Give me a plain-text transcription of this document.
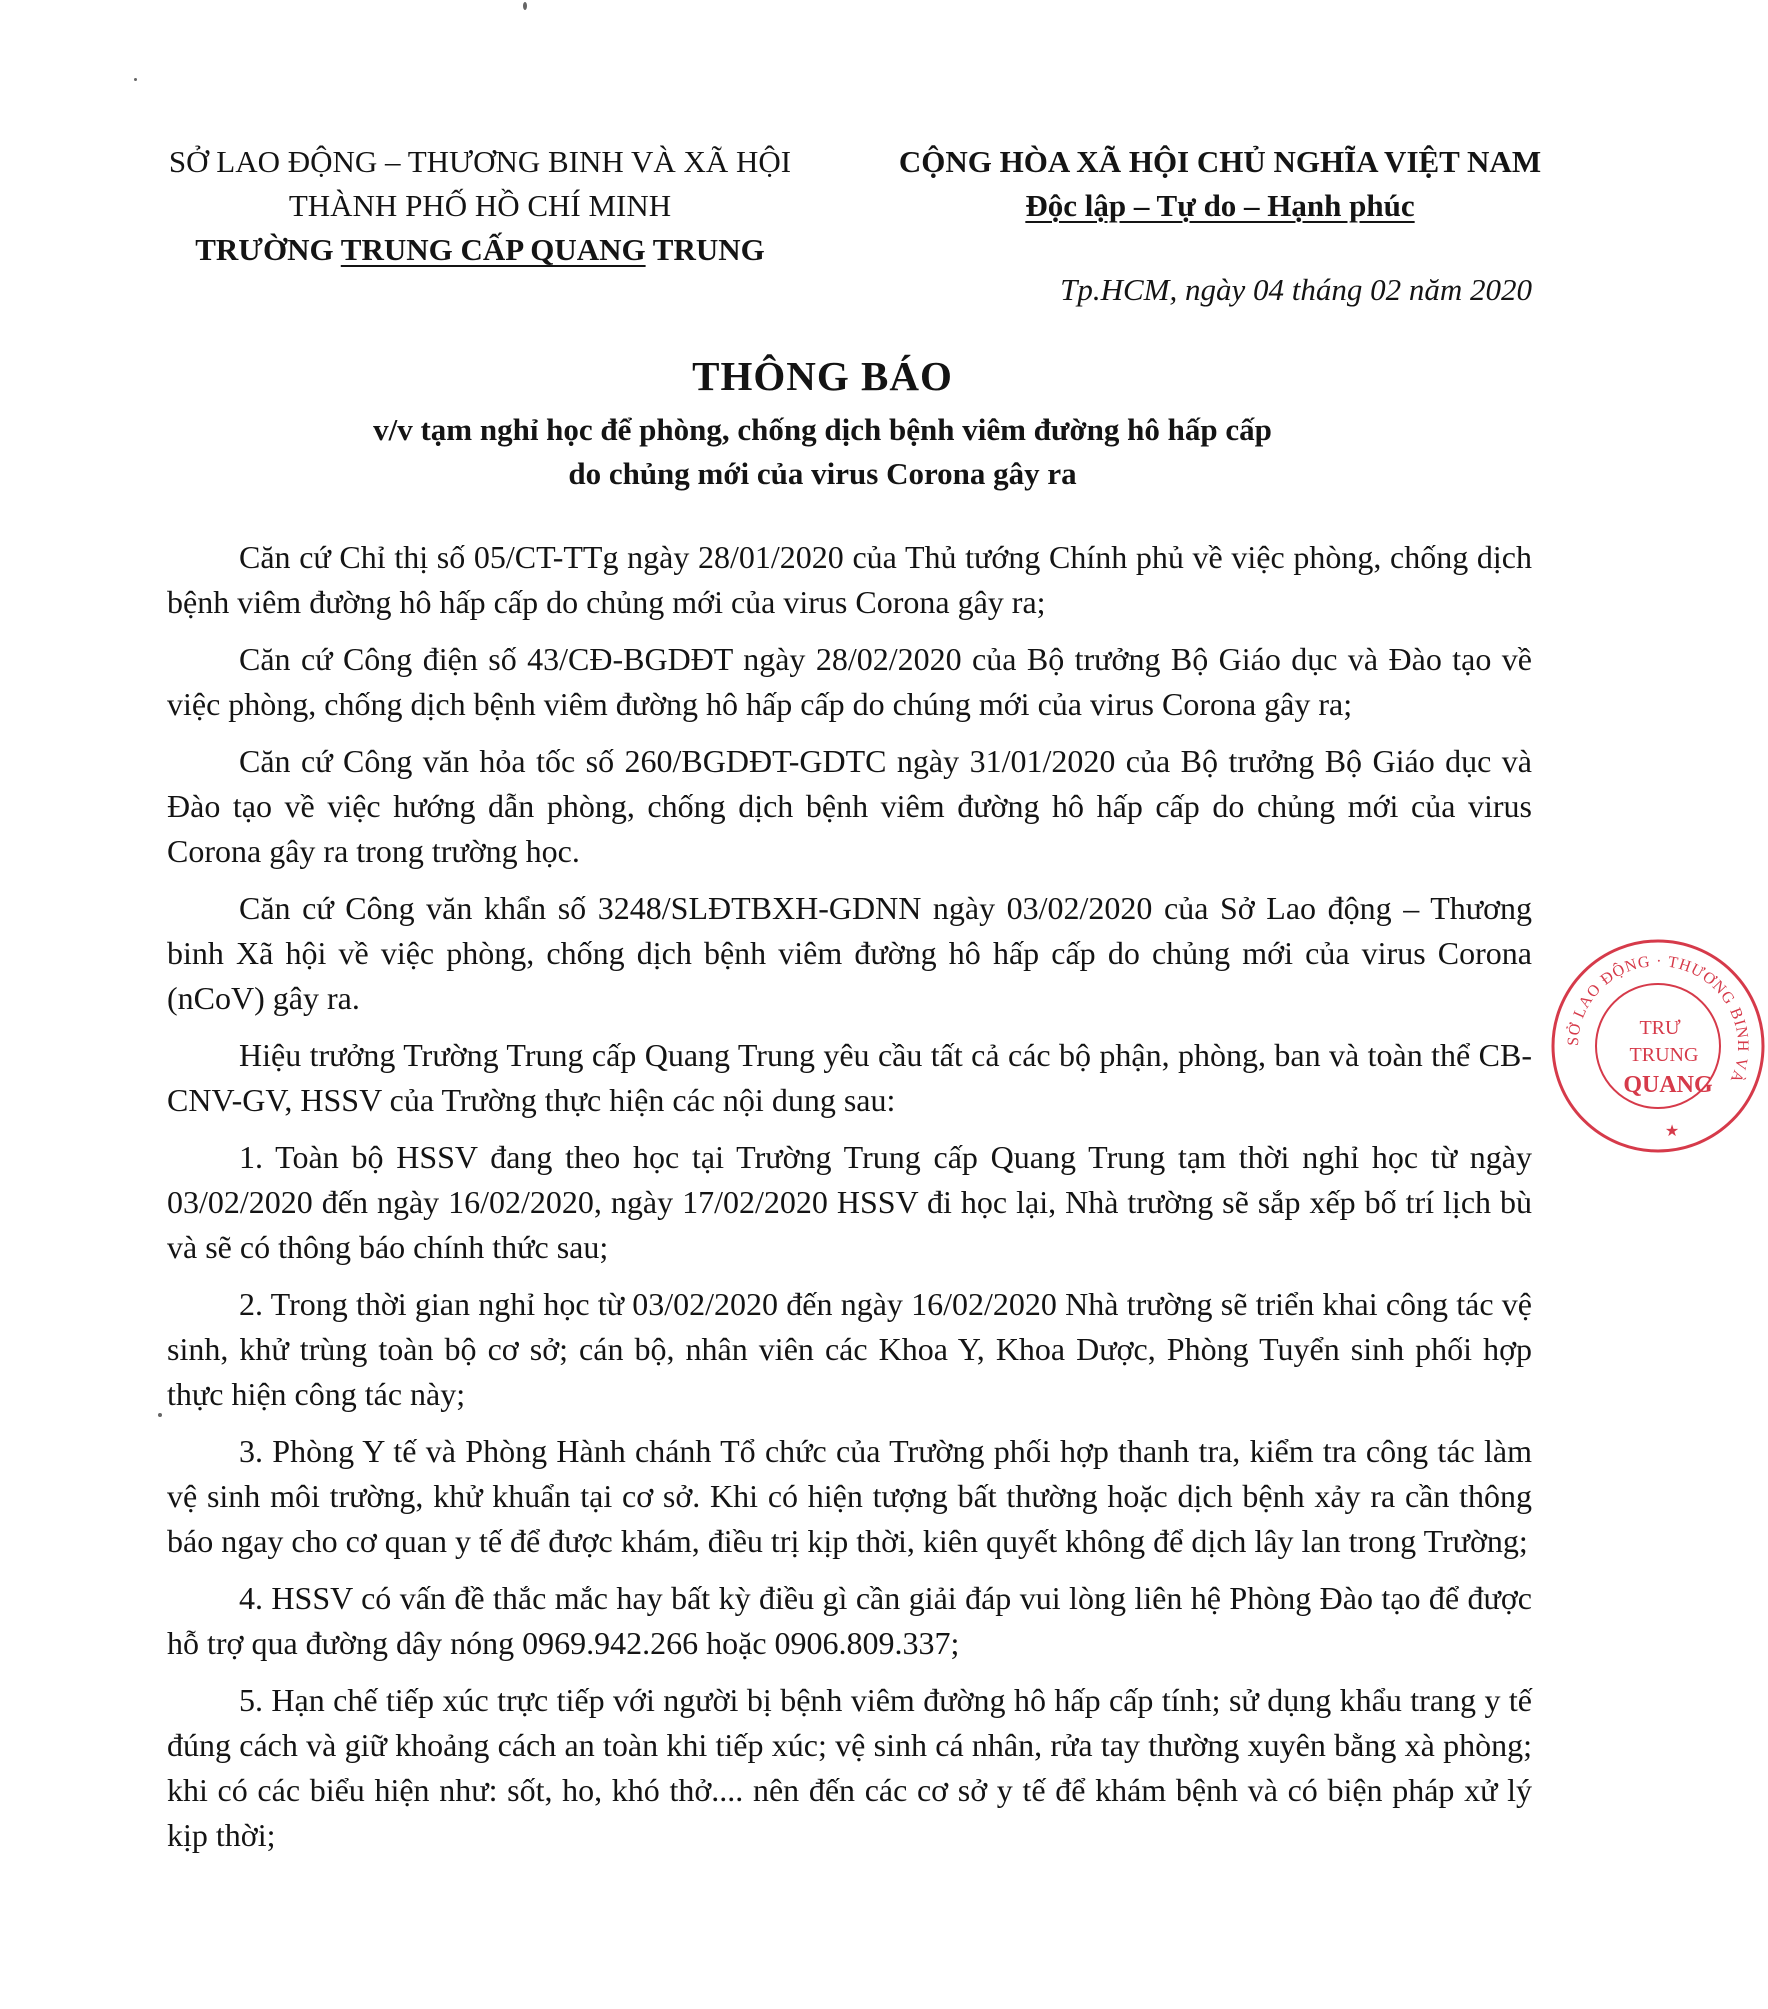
SỞ LAO ĐỘNG – THƯƠNG BINH VÀ XÃ HỘI
THÀNH PHỐ HỒ CHÍ MINH
TRƯỜNG TRUNG CẤP QUANG TRUNG
CỘNG HÒA XÃ HỘI CHỦ NGHĨA VIỆT NAM
Độc lập – Tự do – Hạnh phúc
Tp.HCM, ngày 04 tháng 02 năm 2020
THÔNG BÁO
v/v tạm nghỉ học để phòng, chống dịch bệnh viêm đường hô hấp cấp
do chủng mới của virus Corona gây ra

Căn cứ Chỉ thị số 05/CT-TTg ngày 28/01/2020 của Thủ tướng Chính phủ về việc phòng, chống dịch bệnh viêm đường hô hấp cấp do chủng mới của virus Corona gây ra;

Căn cứ Công điện số 43/CĐ-BGDĐT ngày 28/02/2020 của Bộ trưởng Bộ Giáo dục và Đào tạo về việc phòng, chống dịch bệnh viêm đường hô hấp cấp do chúng mới của virus Corona gây ra;

Căn cứ Công văn hỏa tốc số 260/BGDĐT-GDTC ngày 31/01/2020 của Bộ trưởng Bộ Giáo dục và Đào tạo về việc hướng dẫn phòng, chống dịch bệnh viêm đường hô hấp cấp do chủng mới của virus Corona gây ra trong trường học.

Căn cứ Công văn khẩn số 3248/SLĐTBXH-GDNN ngày 03/02/2020 của Sở Lao động – Thương binh Xã hội về việc phòng, chống dịch bệnh viêm đường hô hấp cấp do chủng mới của virus Corona (nCoV) gây ra.

Hiệu trưởng Trường Trung cấp Quang Trung yêu cầu tất cả các bộ phận, phòng, ban và toàn thể CB-CNV-GV, HSSV của Trường thực hiện các nội dung sau:

1. Toàn bộ HSSV đang theo học tại Trường Trung cấp Quang Trung tạm thời nghỉ học từ ngày 03/02/2020 đến ngày 16/02/2020, ngày 17/02/2020 HSSV đi học lại, Nhà trường sẽ sắp xếp bố trí lịch bù và sẽ có thông báo chính thức sau;

2. Trong thời gian nghỉ học từ 03/02/2020 đến ngày 16/02/2020 Nhà trường sẽ triển khai công tác vệ sinh, khử trùng toàn bộ cơ sở; cán bộ, nhân viên các Khoa Y, Khoa Dược, Phòng Tuyển sinh phối hợp thực hiện công tác này;

3. Phòng Y tế và Phòng Hành chánh Tổ chức của Trường phối hợp thanh tra, kiểm tra công tác làm vệ sinh môi trường, khử khuẩn tại cơ sở. Khi có hiện tượng bất thường hoặc dịch bệnh xảy ra cần thông báo ngay cho cơ quan y tế để được khám, điều trị kịp thời, kiên quyết không để dịch lây lan trong Trường;

4. HSSV có vấn đề thắc mắc hay bất kỳ điều gì cần giải đáp vui lòng liên hệ Phòng Đào tạo để được hỗ trợ qua đường dây nóng 0969.942.266 hoặc 0906.809.337;

5. Hạn chế tiếp xúc trực tiếp với người bị bệnh viêm đường hô hấp cấp tính; sử dụng khẩu trang y tế đúng cách và giữ khoảng cách an toàn khi tiếp xúc; vệ sinh cá nhân, rửa tay thường xuyên bằng xà phòng; khi có các biểu hiện như: sốt, ho, khó thở.... nên đến các cơ sở y tế để khám bệnh và có biện pháp xử lý kịp thời;

SỞ LAO ĐỘNG · THƯƠNG BINH VÀ
TRƯ
TRUNG
QUANG
★
